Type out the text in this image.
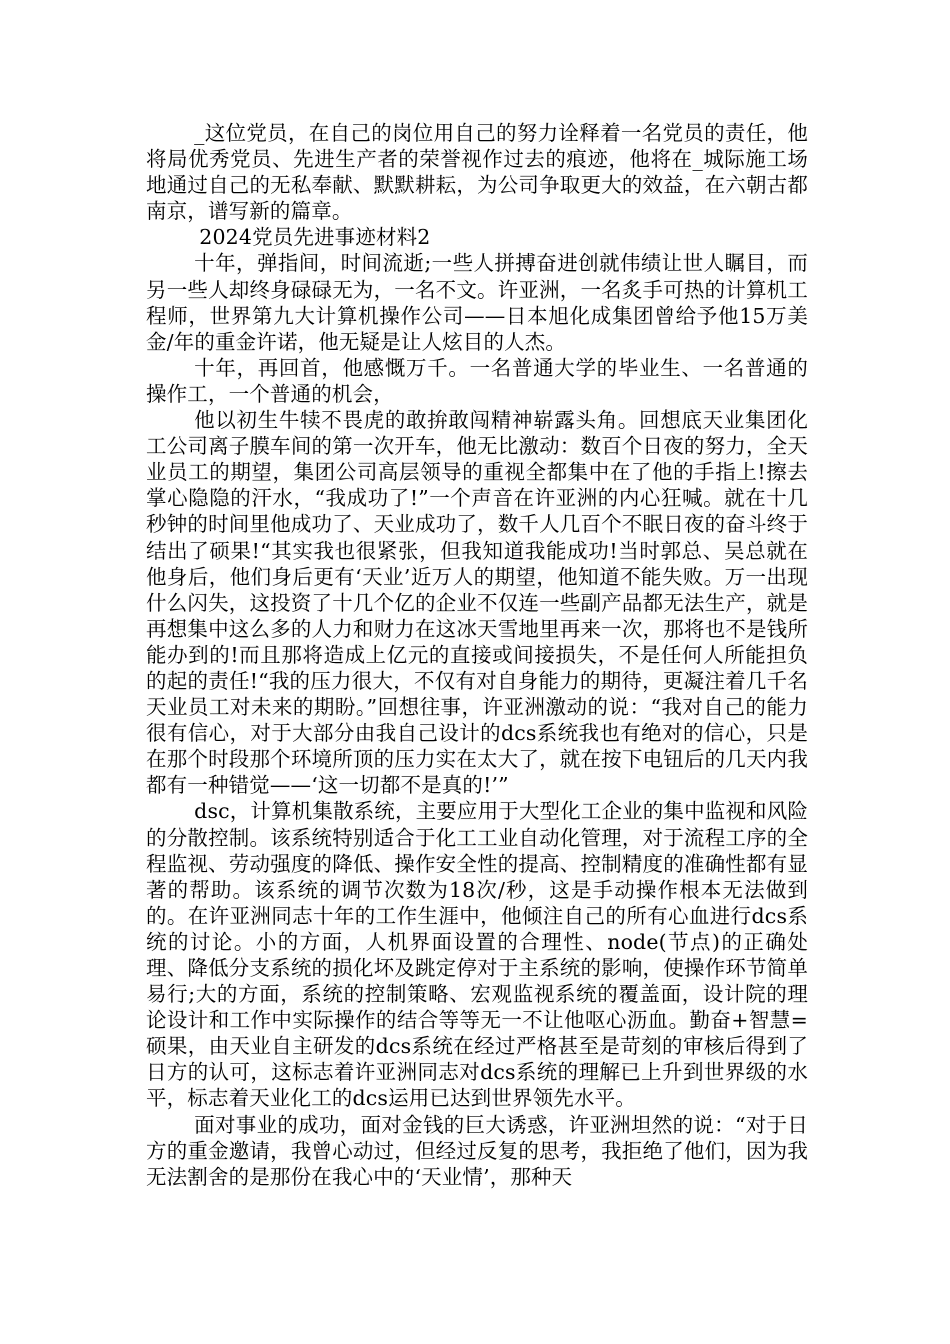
_这位党员，在自己的岗位用自己的努力诠释着一名党员的责任，他将局优秀党员、先进生产者的荣誉视作过去的痕迹，他将在_城际施工场地通过自己的无私奉献、默默耕耘，为公司争取更大的效益，在六朝古都南京，谱写新的篇章。

2024党员先进事迹材料2

十年，弹指间，时间流逝;一些人拼搏奋进创就伟绩让世人瞩目，而另一些人却终身碌碌无为，一名不文。许亚洲，一名炙手可热的计算机工程师，世界第九大计算机操作公司——日本旭化成集团曾给予他15万美金/年的重金许诺，他无疑是让人炫目的人杰。

十年，再回首，他感慨万千。一名普通大学的毕业生、一名普通的操作工，一个普通的机会，

他以初生牛犊不畏虎的敢拚敢闯精神崭露头角。回想底天业集团化工公司离子膜车间的第一次开车，他无比激动：数百个日夜的努力，全天业员工的期望，集团公司高层领导的重视全都集中在了他的手指上!擦去掌心隐隐的汗水，“我成功了!”一个声音在许亚洲的内心狂喊。就在十几秒钟的时间里他成功了、天业成功了，数千人几百个不眠日夜的奋斗终于结出了硕果!“其实我也很紧张，但我知道我能成功!当时郭总、吴总就在他身后，他们身后更有‘天业’近万人的期望，他知道不能失败。万一出现什么闪失，这投资了十几个亿的企业不仅连一些副产品都无法生产，就是再想集中这么多的人力和财力在这冰天雪地里再来一次，那将也不是钱所能办到的!而且那将造成上亿元的直接或间接损失，不是任何人所能担负的起的责任!“我的压力很大，不仅有对自身能力的期待，更凝注着几千名天业员工对未来的期盼。”回想往事，许亚洲激动的说：“我对自己的能力很有信心，对于大部分由我自己设计的dcs系统我也有绝对的信心，只是在那个时段那个环境所顶的压力实在太大了，就在按下电钮后的几天内我都有一种错觉——‘这一切都不是真的!’”

dsc，计算机集散系统，主要应用于大型化工企业的集中监视和风险的分散控制。该系统特别适合于化工工业自动化管理，对于流程工序的全程监视、劳动强度的降低、操作安全性的提高、控制精度的准确性都有显著的帮助。该系统的调节次数为18次/秒，这是手动操作根本无法做到的。在许亚洲同志十年的工作生涯中，他倾注自己的所有心血进行dcs系统的讨论。小的方面，人机界面设置的合理性、node(节点)的正确处理、降低分支系统的损化坏及跳定停对于主系统的影响，使操作环节简单易行;大的方面，系统的控制策略、宏观监视系统的覆盖面，设计院的理论设计和工作中实际操作的结合等等无一不让他呕心沥血。勤奋+智慧=硕果，由天业自主研发的dcs系统在经过严格甚至是苛刻的审核后得到了日方的认可，这标志着许亚洲同志对dcs系统的理解已上升到世界级的水平，标志着天业化工的dcs运用已达到世界领先水平。

面对事业的成功，面对金钱的巨大诱惑，许亚洲坦然的说：“对于日方的重金邀请，我曾心动过，但经过反复的思考，我拒绝了他们，因为我无法割舍的是那份在我心中的‘天业情’，那种天
